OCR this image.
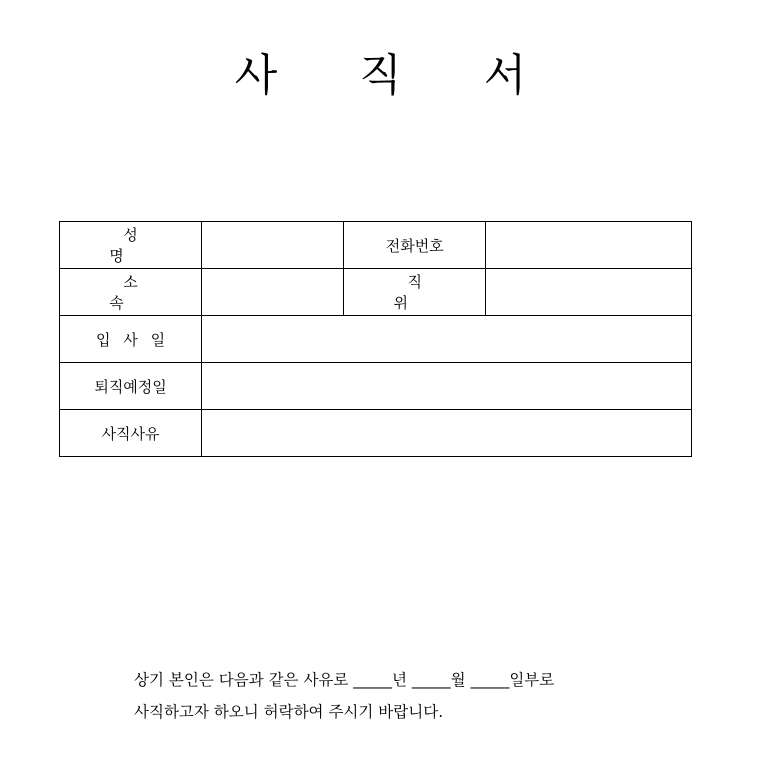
사 직 서
성 명		전화번호	
소 속		직 위	
입 사 일			
퇴직예정일			
사직사유			
상기 본인은 다음과 같은 사유로 _____년 _____월 _____일부로
사직하고자 하오니 허락하여 주시기 바랍니다.
